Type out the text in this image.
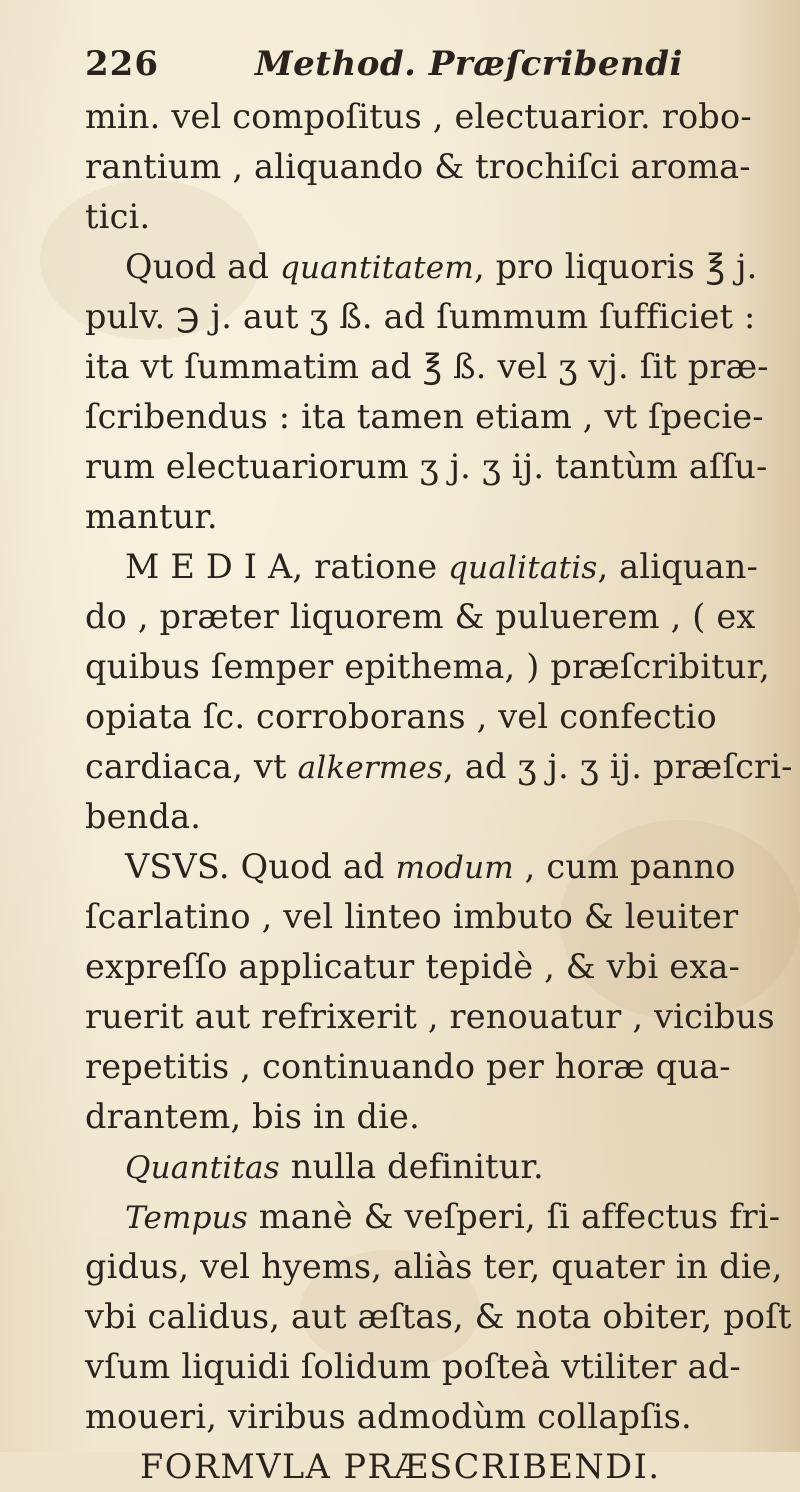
226	Method. Præſcribendi
min. vel compoſitus , electuarior. robo-
rantium , aliquando & trochiſci aroma-
tici.
Quod ad quantitatem, pro liquoris ℥ j.
pulv. ℈ j. aut ʒ ß. ad ſummum ſufficiet :
ita vt ſummatim ad ℥ ß. vel ʒ vj. ſit præ-
ſcribendus : ita tamen etiam , vt ſpecie-
rum electuariorum ʒ j. ʒ ij. tantùm aſſu-
mantur.
M E D I A, ratione qualitatis, aliquan-
do , præter liquorem & puluerem , ( ex
quibus ſemper epithema, ) præſcribitur,
opiata ſc. corroborans , vel confectio
cardiaca, vt alkermes, ad ʒ j. ʒ ij. præſcri-
benda.
VSVS. Quod ad modum , cum panno
ſcarlatino , vel linteo imbuto & leuiter
expreſſo applicatur tepidè , & vbi exa-
ruerit aut refrixerit , renouatur , vicibus
repetitis , continuando per horæ qua-
drantem, bis in die.
Quantitas nulla definitur.
Tempus manè & veſperi, ſi affectus fri-
gidus, vel hyems, aliàs ter, quater in die,
vbi calidus, aut æſtas, & nota obiter, poſt
vſum liquidi ſolidum poſteà vtiliter ad-
moueri, viribus admodùm collapſis.
FORMVLA PRÆSCRIBENDI.
